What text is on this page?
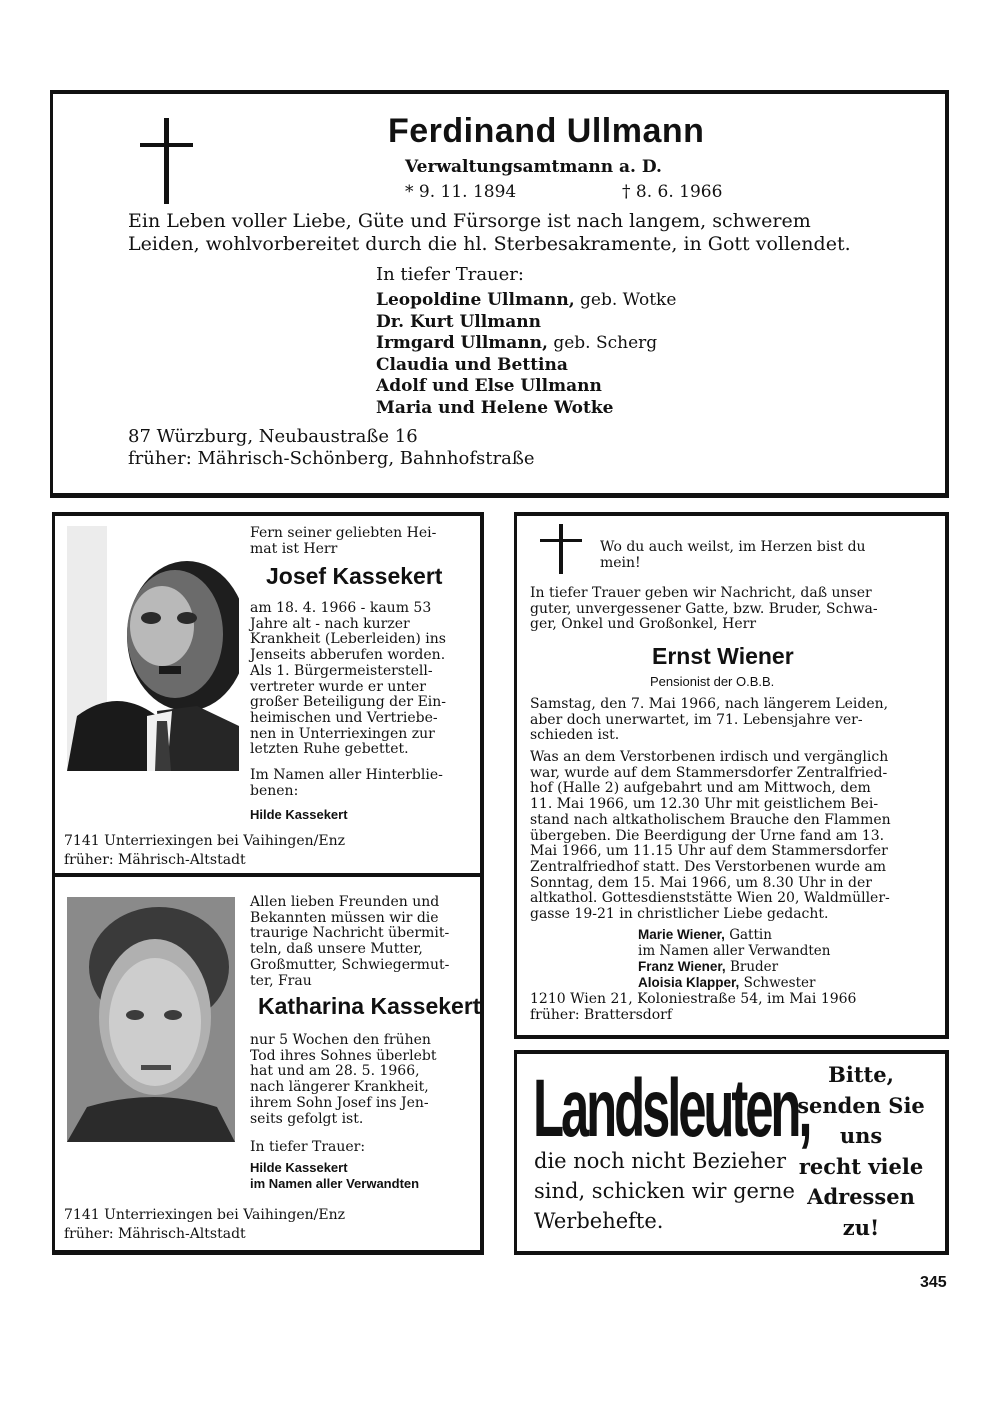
Ferdinand Ullmann
Verwaltungsamtmann a. D.
* 9. 11. 1894	† 8. 6. 1966
Ein Leben voller Liebe, Güte und Fürsorge ist nach langem, schwerem
Leiden, wohlvorbereitet durch die hl. Sterbesakramente, in Gott vollendet.
In tiefer Trauer:
Leopoldine Ullmann, geb. Wotke
Dr. Kurt Ullmann
Irmgard Ullmann, geb. Scherg
Claudia und Bettina
Adolf und Else Ullmann
Maria und Helene Wotke
87 Würzburg, Neubaustraße 16
früher: Mährisch-Schönberg, Bahnhofstraße
Fern seiner geliebten Hei-
mat ist Herr
Josef Kassekert
am 18. 4. 1966 - kaum 53
Jahre alt - nach kurzer
Krankheit (Leberleiden) ins
Jenseits abberufen worden.
Als 1. Bürgermeisterstell-
vertreter wurde er unter
großer Beteiligung der Ein-
heimischen und Vertriebe-
nen in Unterriexingen zur
letzten Ruhe gebettet.
Im Namen aller Hinterblie-
benen:
Hilde Kassekert
7141 Unterriexingen bei Vaihingen/Enz
früher: Mährisch-Altstadt
Allen lieben Freunden und
Bekannten müssen wir die
traurige Nachricht übermit-
teln, daß unsere Mutter,
Großmutter, Schwiegermut-
ter, Frau
Katharina Kassekert
nur 5 Wochen den frühen
Tod ihres Sohnes überlebt
hat und am 28. 5. 1966,
nach längerer Krankheit,
ihrem Sohn Josef ins Jen-
seits gefolgt ist.
In tiefer Trauer:
Hilde Kassekert
im Namen aller Verwandten
7141 Unterriexingen bei Vaihingen/Enz
früher: Mährisch-Altstadt
Wo du auch weilst, im Herzen bist du
mein!
In tiefer Trauer geben wir Nachricht, daß unser
guter, unvergessener Gatte, bzw. Bruder, Schwa-
ger, Onkel und Großonkel, Herr
Ernst Wiener
Pensionist der O.B.B.
Samstag, den 7. Mai 1966, nach längerem Leiden,
aber doch unerwartet, im 71. Lebensjahre ver-
schieden ist.
Was an dem Verstorbenen irdisch und vergänglich
war, wurde auf dem Stammersdorfer Zentralfried-
hof (Halle 2) aufgebahrt und am Mittwoch, dem
11. Mai 1966, um 12.30 Uhr mit geistlichem Bei-
stand nach altkatholischem Brauche den Flammen
übergeben. Die Beerdigung der Urne fand am 13.
Mai 1966, um 11.15 Uhr auf dem Stammersdorfer
Zentralfriedhof statt. Des Verstorbenen wurde am
Sonntag, dem 15. Mai 1966, um 8.30 Uhr in der
altkathol. Gottesdienststätte Wien 20, Waldmüller-
gasse 19-21 in christlicher Liebe gedacht.
Marie Wiener, Gattin
im Namen aller Verwandten
Franz Wiener, Bruder
Aloisia Klapper, Schwester
1210 Wien 21, Koloniestraße 54, im Mai 1966
früher: Brattersdorf
Landsleuten,
die noch nicht Bezieher
sind, schicken wir gerne
Werbehefte.
Bitte,
senden Sie
uns
recht viele
Adressen
zu!
345
